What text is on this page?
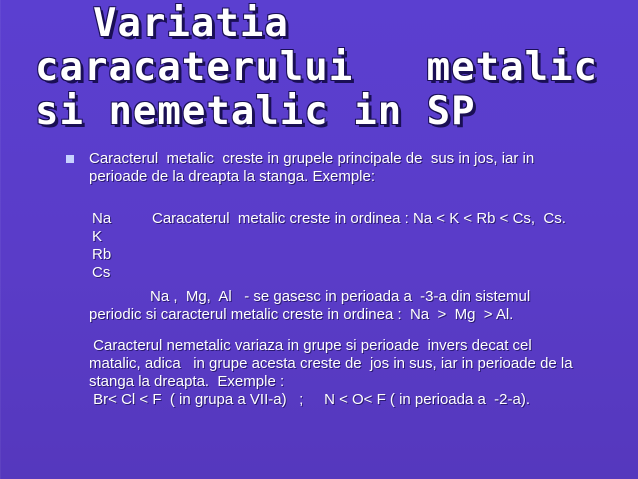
Variatia
caracaterului   metalic
si nemetalic in SP
Caracterul  metalic  creste in grupele principale de  sus in jos, iar in
perioade de la dreapta la stanga. Exemple:
Na	Caracaterul  metalic creste in ordinea : Na < K < Rb < Cs,  Cs.
K
Rb
Cs
Na ,  Mg,  Al   - se gasesc in perioada a  -3-a din sistemul
periodic si caracterul metalic creste in ordinea :  Na  >  Mg  > Al.
Caracterul nemetalic variaza in grupe si perioade  invers decat cel
matalic, adica   in grupe acesta creste de  jos in sus, iar in perioade de la
stanga la dreapta.  Exemple :
Br< Cl < F  ( in grupa a VII-a)   ;     N < O< F ( in perioada a  -2-a).
